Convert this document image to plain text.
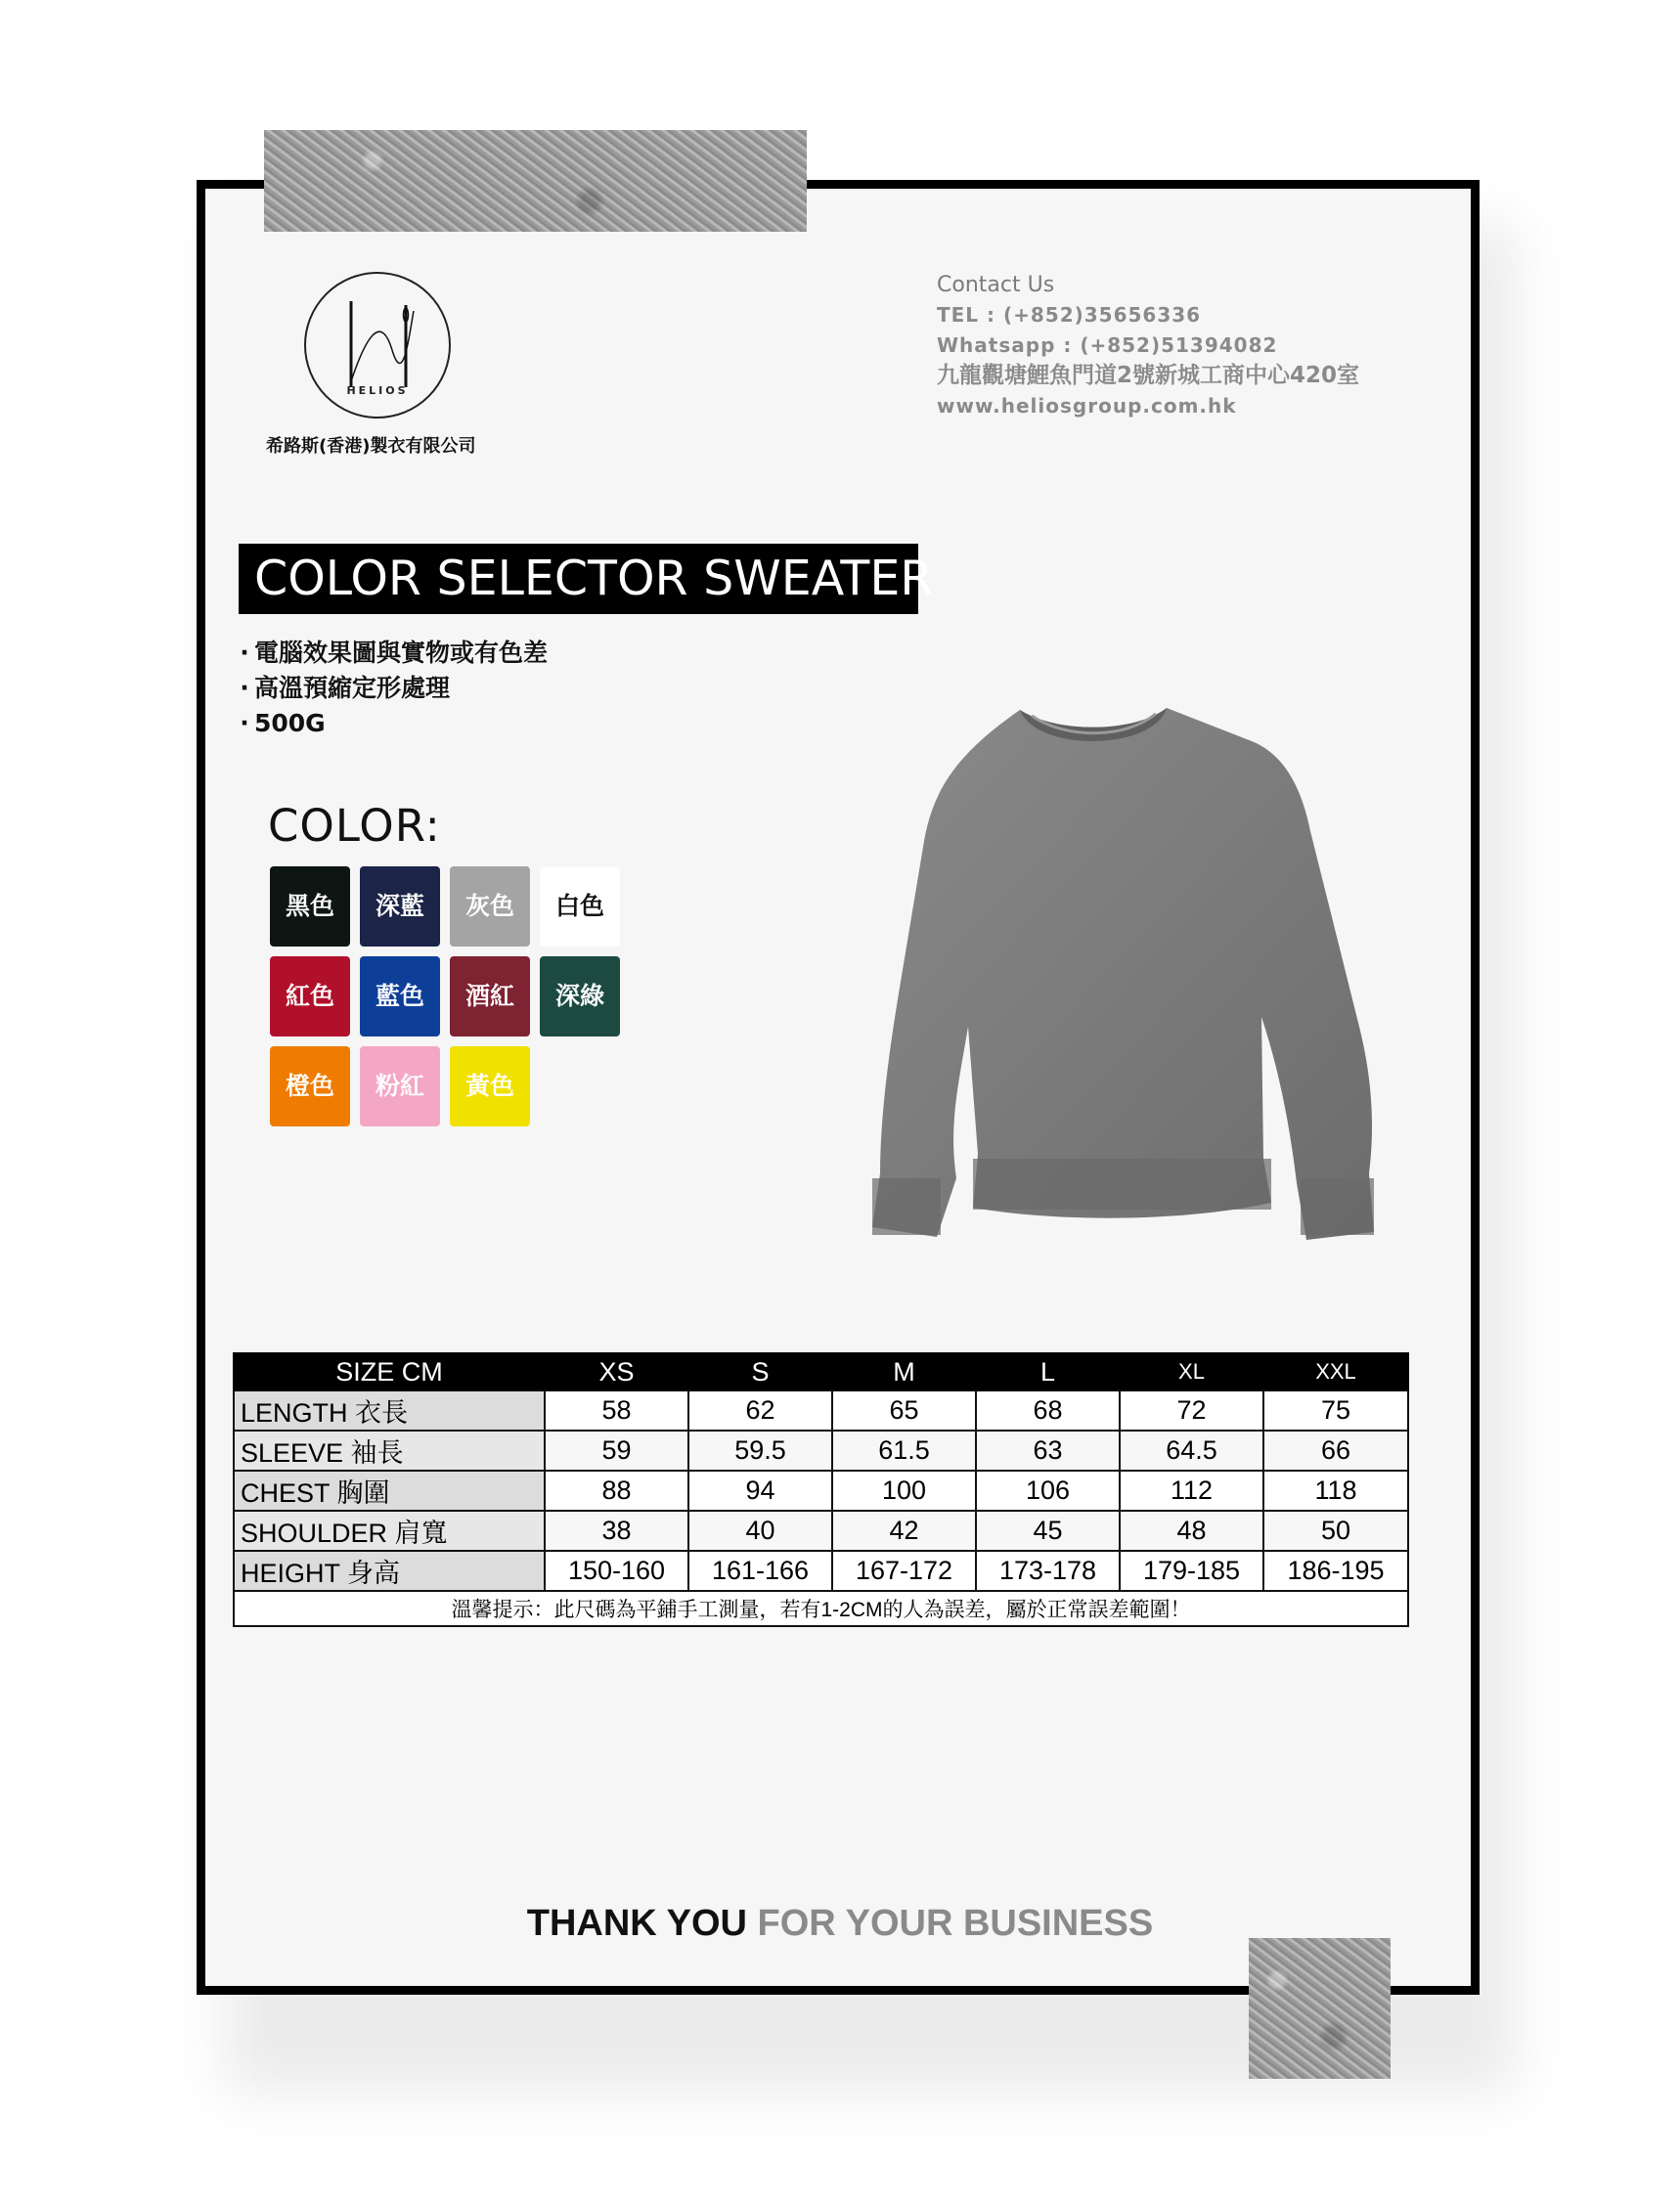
HELIOS
希路斯(香港)製衣有限公司
Contact Us
TEL : (+852)35656336
Whatsapp : (+852)51394082
九龍觀塘鯉魚門道2號新城工商中心420室
www.heliosgroup.com.hk
COLOR SELECTOR SWEATER
· 電腦效果圖與實物或有色差
· 高溫預縮定形處理
· 500G
COLOR:
黑色	深藍	灰色	白色
紅色	藍色	酒紅	深綠
橙色	粉紅	黃色
SIZE CM	XS	S	M	L	XL	XXL
LENGTH 衣長	58	62	65	68	72	75
SLEEVE 袖長	59	59.5	61.5	63	64.5	66
CHEST 胸圍	88	94	100	106	112	118
SHOULDER 肩寬	38	40	42	45	48	50
HEIGHT 身高	150-160	161-166	167-172	173-178	179-185	186-195
溫馨提示：此尺碼為平鋪手工測量，若有1-2CM的人為誤差，屬於正常誤差範圍！						
THANK YOU FOR YOUR BUSINESS
